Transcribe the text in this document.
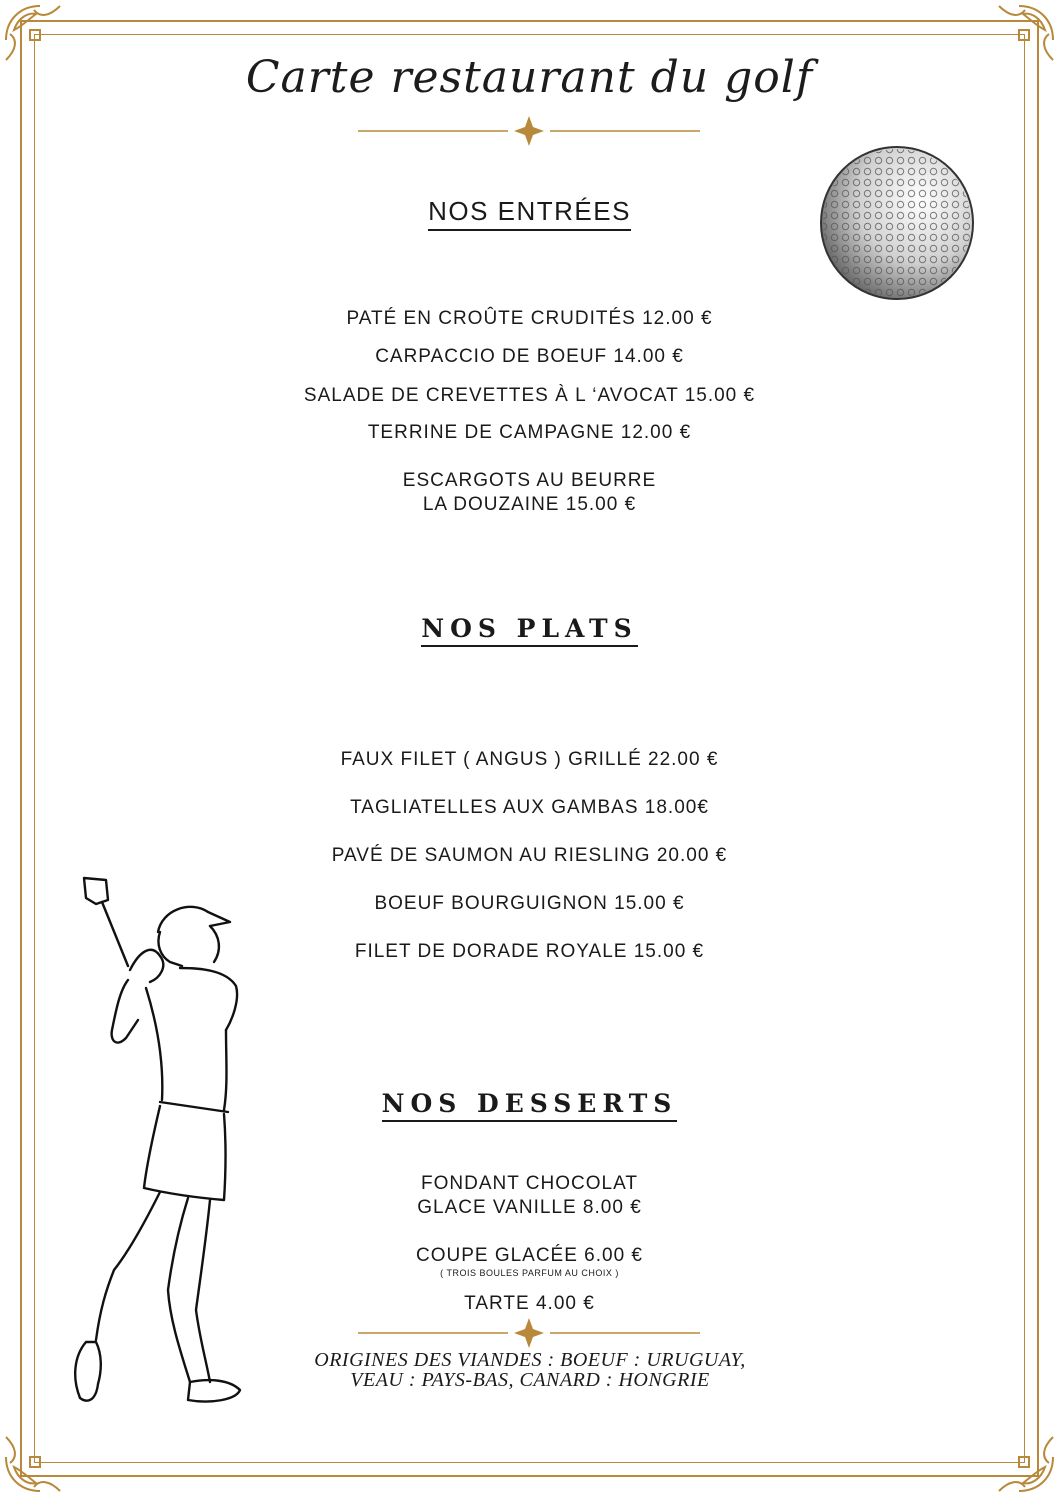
Carte restaurant du golf
NOS ENTRÉES
PATÉ EN CROÛTE CRUDITÉS 12.00 €
CARPACCIO DE BOEUF 14.00 €
SALADE DE CREVETTES À L ‘AVOCAT 15.00 €
TERRINE DE CAMPAGNE 12.00 €
ESCARGOTS AU BEURRE
LA DOUZAINE 15.00 €
NOS PLATS
FAUX FILET ( ANGUS ) GRILLÉ 22.00 €
TAGLIATELLES AUX GAMBAS 18.00€
PAVÉ DE SAUMON AU RIESLING 20.00 €
BOEUF BOURGUIGNON 15.00 €
FILET DE DORADE ROYALE 15.00 €
NOS DESSERTS
FONDANT CHOCOLAT
GLACE VANILLE 8.00 €
COUPE GLACÉE 6.00 €
( TROIS BOULES PARFUM AU CHOIX )
TARTE 4.00 €
ORIGINES DES VIANDES : BOEUF : URUGUAY,
VEAU : PAYS-BAS, CANARD : HONGRIE
